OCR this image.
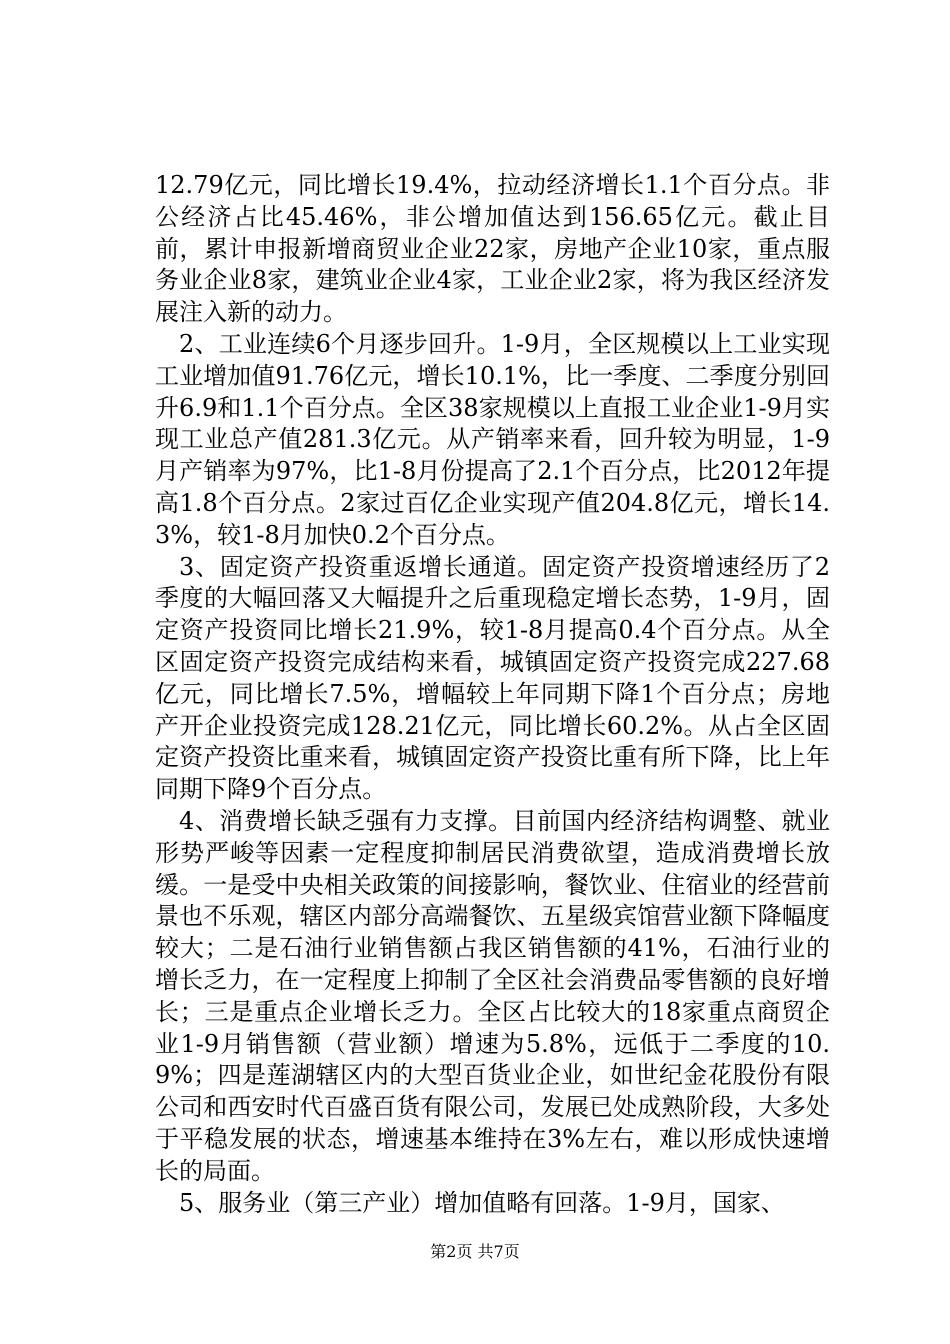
12.79亿元，同比增长19.4%，拉动经济增长1.1个百分点。非公经济占比45.46%，非公增加值达到156.65亿元。截止目前，累计申报新增商贸业企业22家，房地产企业10家，重点服务业企业8家，建筑业企业4家，工业企业2家，将为我区经济发展注入新的动力。

2、工业连续6个月逐步回升。1-9月，全区规模以上工业实现工业增加值91.76亿元，增长10.1%，比一季度、二季度分别回升6.9和1.1个百分点。全区38家规模以上直报工业企业1-9月实现工业总产值281.3亿元。从产销率来看，回升较为明显，1-9月产销率为97%，比1-8月份提高了2.1个百分点，比2012年提高1.8个百分点。2家过百亿企业实现产值204.8亿元，增长14.3%，较1-8月加快0.2个百分点。

3、固定资产投资重返增长通道。固定资产投资增速经历了2季度的大幅回落又大幅提升之后重现稳定增长态势，1-9月，固定资产投资同比增长21.9%，较1-8月提高0.4个百分点。从全区固定资产投资完成结构来看，城镇固定资产投资完成227.68亿元，同比增长7.5%，增幅较上年同期下降1个百分点；房地产开企业投资完成128.21亿元，同比增长60.2%。从占全区固定资产投资比重来看，城镇固定资产投资比重有所下降，比上年同期下降9个百分点。

4、消费增长缺乏强有力支撑。目前国内经济结构调整、就业形势严峻等因素一定程度抑制居民消费欲望，造成消费增长放缓。一是受中央相关政策的间接影响，餐饮业、住宿业的经营前景也不乐观，辖区内部分高端餐饮、五星级宾馆营业额下降幅度较大；二是石油行业销售额占我区销售额的41%，石油行业的增长乏力，在一定程度上抑制了全区社会消费品零售额的良好增长；三是重点企业增长乏力。全区占比较大的18家重点商贸企业1-9月销售额（营业额）增速为5.8%，远低于二季度的10.9%；四是莲湖辖区内的大型百货业企业，如世纪金花股份有限公司和西安时代百盛百货有限公司，发展已处成熟阶段，大多处于平稳发展的状态，增速基本维持在3%左右，难以形成快速增长的局面。

5、服务业（第三产业）增加值略有回落。1-9月，国家、

第2页 共7页
